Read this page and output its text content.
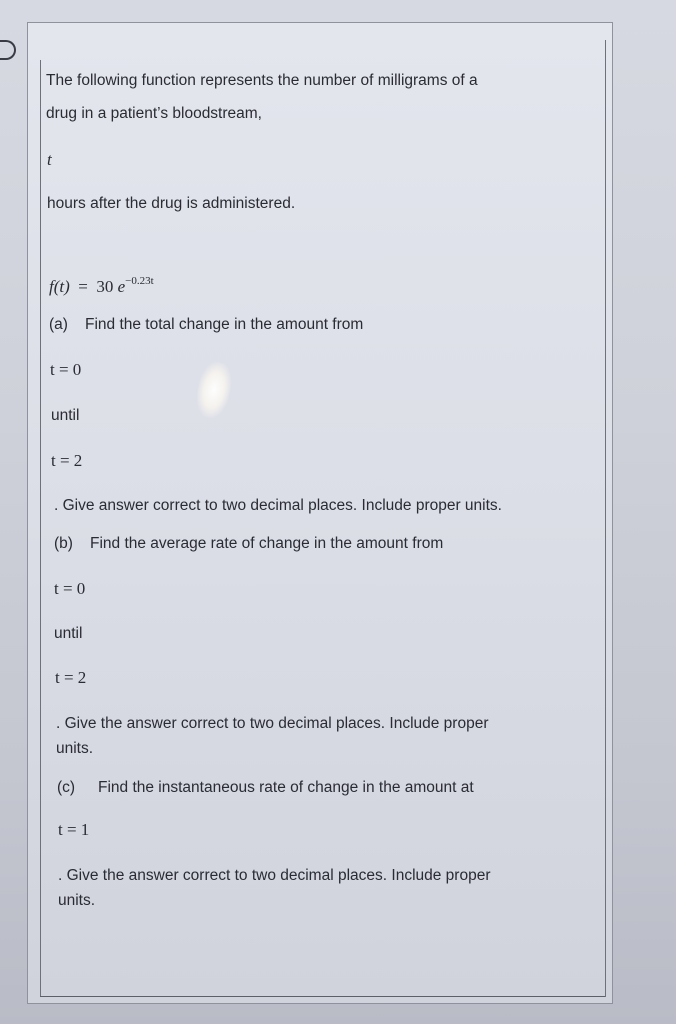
The following function represents the number of milligrams of a
drug in a patient’s bloodstream,
t
hours after the drug is administered.
f(t) = 30 $e^{-0.23t}$
(a) Find the total change in the amount from
t = 0
until
t = 2
. Give answer correct to two decimal places. Include proper units.
(b) Find the average rate of change in the amount from
t = 0
until
t = 2
. Give the answer correct to two decimal places. Include proper
units.
(c) Find the instantaneous rate of change in the amount at
t = 1
. Give the answer correct to two decimal places. Include proper
units.
